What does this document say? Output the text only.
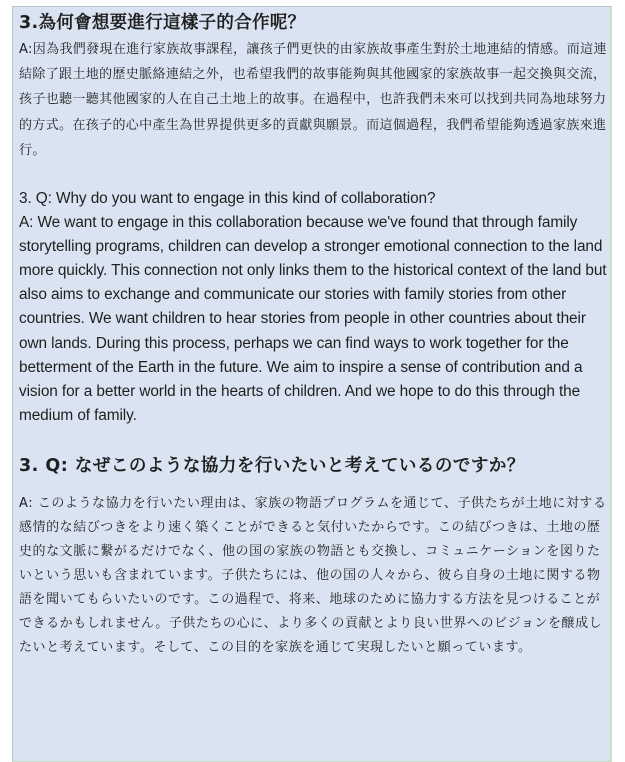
3.為何會想要進行這樣子的合作呢？

A:因為我們發現在進行家族故事課程，讓孩子們更快的由家族故事產生對於土地連結的情感。而這連結除了跟土地的歷史脈絡連結之外，也希望我們的故事能夠與其他國家的家族故事一起交換與交流，孩子也聽一聽其他國家的人在自己土地上的故事。在過程中，也許我們未來可以找到共同為地球努力的方式。在孩子的心中產生為世界提供更多的貢獻與願景。而這個過程，我們希望能夠透過家族來進行。

3. Q: Why do you want to engage in this kind of collaboration?

A: We want to engage in this collaboration because we've found that through family storytelling programs, children can develop a stronger emotional connection to the land more quickly. This connection not only links them to the historical context of the land but also aims to exchange and communicate our stories with family stories from other countries. We want children to hear stories from people in other countries about their own lands. During this process, perhaps we can find ways to work together for the betterment of the Earth in the future. We aim to inspire a sense of contribution and a vision for a better world in the hearts of children. And we hope to do this through the medium of family.

3. Q: なぜこのような協力を行いたいと考えているのですか？

A: このような協力を行いたい理由は、家族の物語プログラムを通じて、子供たちが土地に対する感情的な結びつきをより速く築くことができると気付いたからです。この結びつきは、土地の歴史的な文脈に繋がるだけでなく、他の国の家族の物語とも交換し、コミュニケーションを図りたいという思いも含まれています。子供たちには、他の国の人々から、彼ら自身の土地に関する物語を聞いてもらいたいのです。この過程で、将来、地球のために協力する方法を見つけることができるかもしれません。子供たちの心に、より多くの貢献とより良い世界へのビジョンを醸成したいと考えています。そして、この目的を家族を通じて実現したいと願っています。
